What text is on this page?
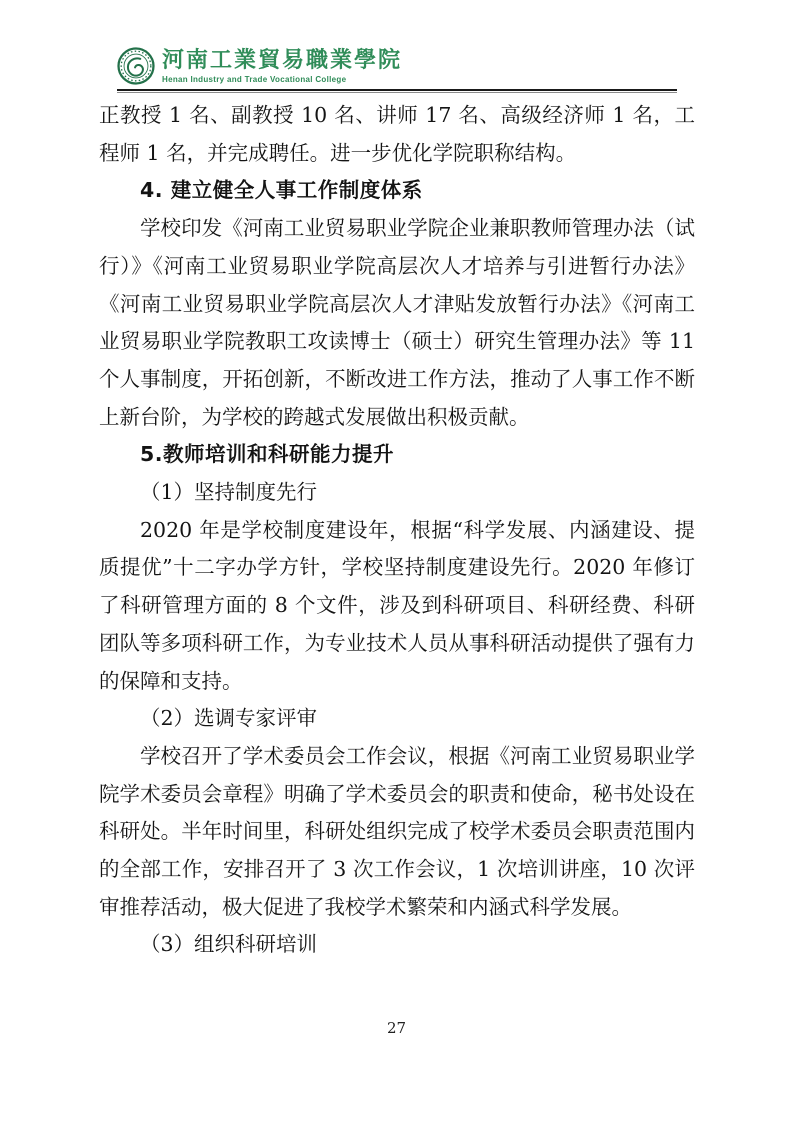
河南工業貿易職業學院
Henan Industry and Trade Vocational College

正教授 1 名、副教授 10 名、讲师 17 名、高级经济师 1 名，工程师 1 名，并完成聘任。进一步优化学院职称结构。

4. 建立健全人事工作制度体系

学校印发《河南工业贸易职业学院企业兼职教师管理办法（试行）》《河南工业贸易职业学院高层次人才培养与引进暂行办法》《河南工业贸易职业学院高层次人才津贴发放暂行办法》《河南工业贸易职业学院教职工攻读博士（硕士）研究生管理办法》等 11 个人事制度，开拓创新，不断改进工作方法，推动了人事工作不断上新台阶，为学校的跨越式发展做出积极贡献。

5.教师培训和科研能力提升

（1）坚持制度先行

2020 年是学校制度建设年，根据“科学发展、内涵建设、提质提优”十二字办学方针，学校坚持制度建设先行。2020 年修订了科研管理方面的 8 个文件，涉及到科研项目、科研经费、科研团队等多项科研工作，为专业技术人员从事科研活动提供了强有力的保障和支持。

（2）选调专家评审

学校召开了学术委员会工作会议，根据《河南工业贸易职业学院学术委员会章程》明确了学术委员会的职责和使命，秘书处设在科研处。半年时间里，科研处组织完成了校学术委员会职责范围内的全部工作，安排召开了 3 次工作会议，1 次培训讲座，10 次评审推荐活动，极大促进了我校学术繁荣和内涵式科学发展。

（3）组织科研培训

27
